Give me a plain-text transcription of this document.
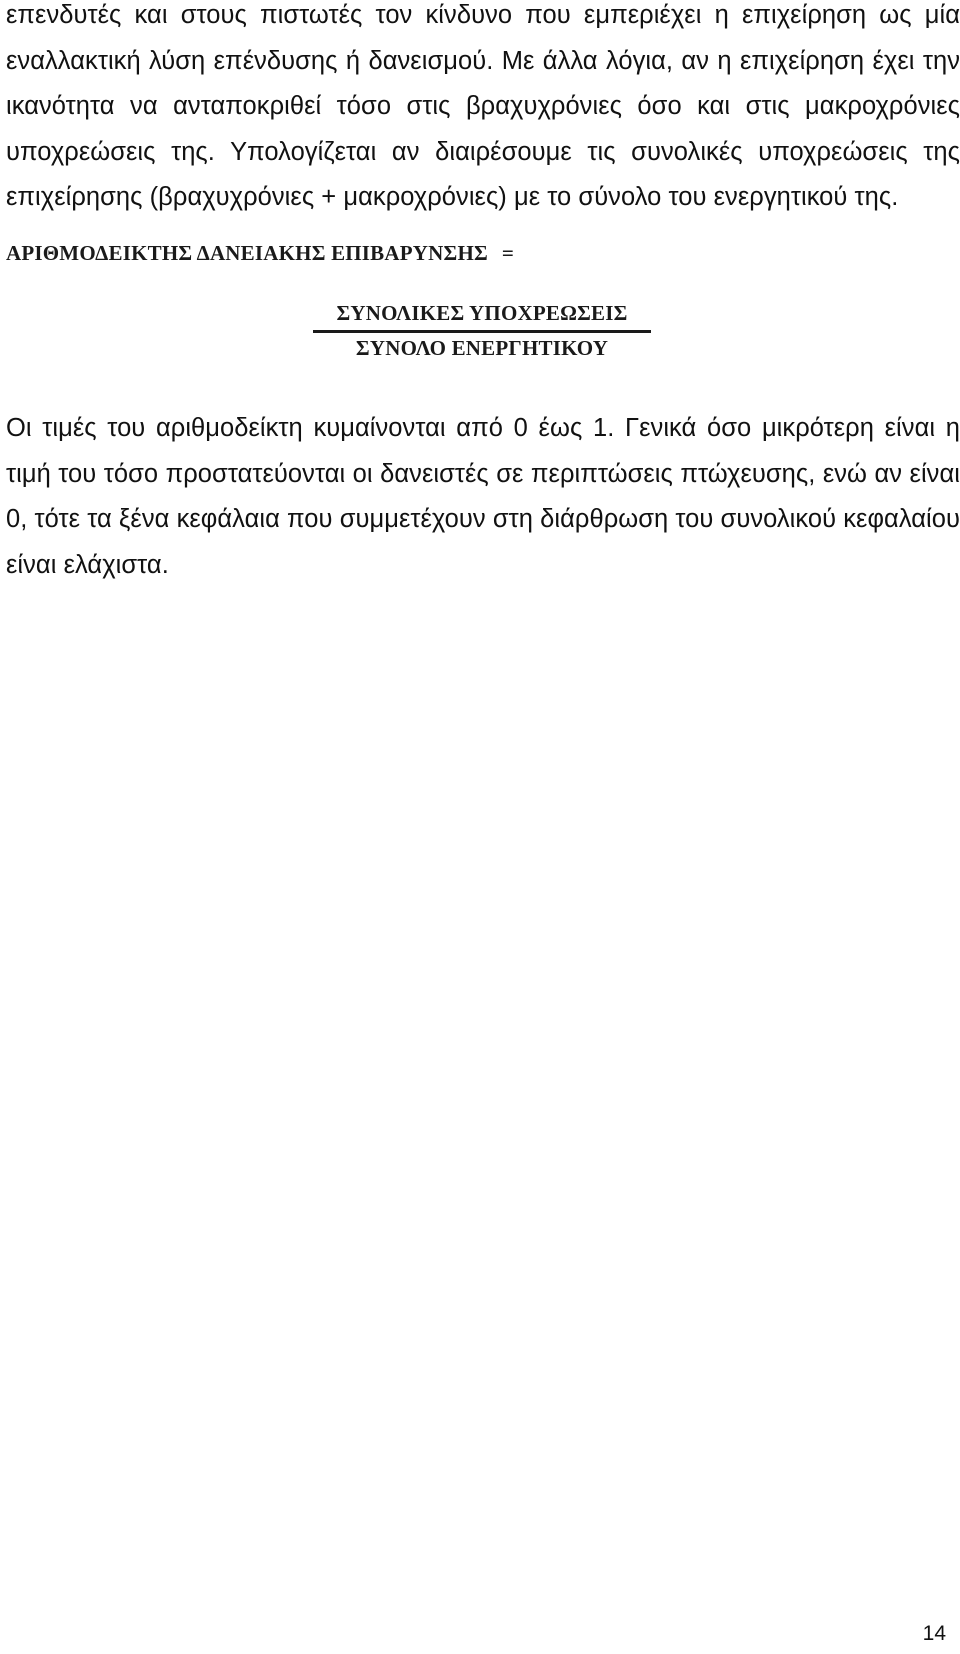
επενδυτές και στους πιστωτές τον κίνδυνο που εμπεριέχει η επιχείρηση ως μία εναλλακτική λύση επένδυσης ή δανεισμού. Με άλλα λόγια, αν η επιχείρηση έχει την ικανότητα να ανταποκριθεί τόσο στις βραχυχρόνιες όσο και στις μακροχρόνιες υποχρεώσεις της. Υπολογίζεται αν διαιρέσουμε τις συνολικές υποχρεώσεις της επιχείρησης (βραχυχρόνιες + μακροχρόνιες) με το σύνολο του ενεργητικού της.

ΑΡΙΘΜΟΔΕΙΚΤΗΣ ΔΑΝΕΙΑΚΗΣ ΕΠΙΒΑΡΥΝΣΗΣ =
ΣΥΝΟΛΙΚΕΣ ΥΠΟΧΡΕΩΣΕΙΣ
ΣΥΝΟΛΟ ΕΝΕΡΓΗΤΙΚΟΥ

Οι τιμές του αριθμοδείκτη κυμαίνονται από 0 έως 1. Γενικά όσο μικρότερη είναι η τιμή του τόσο προστατεύονται οι δανειστές σε περιπτώσεις πτώχευσης, ενώ αν είναι 0, τότε τα ξένα κεφάλαια που συμμετέχουν στη διάρθρωση του συνολικού κεφαλαίου είναι ελάχιστα.

14
